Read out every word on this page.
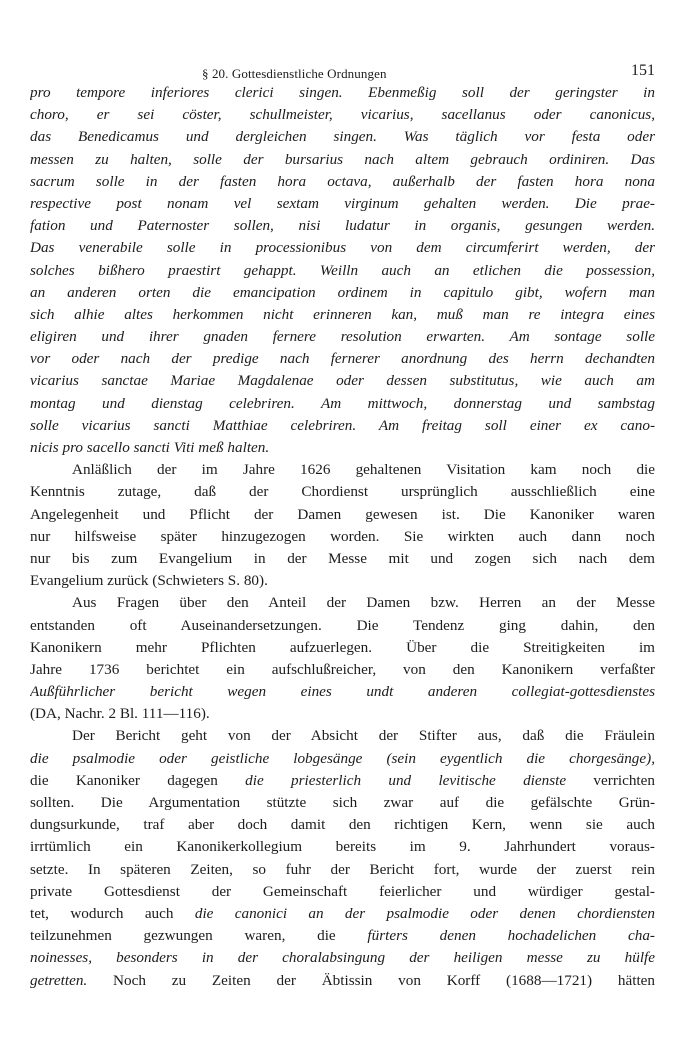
§ 20. Gottesdienstliche Ordnungen	151
pro tempore inferiores clerici singen. Ebenmeßig soll der geringster in
choro, er sei cöster, schullmeister, vicarius, sacellanus oder canonicus,
das Benedicamus und dergleichen singen. Was täglich vor festa oder
messen zu halten, solle der bursarius nach altem gebrauch ordiniren. Das
sacrum solle in der fasten hora octava, außerhalb der fasten hora nona
respective post nonam vel sextam virginum gehalten werden. Die prae-
fation und Paternoster sollen, nisi ludatur in organis, gesungen werden.
Das venerabile solle in processionibus von dem circumferirt werden, der
solches bißhero praestirt gehappt. Weilln auch an etlichen die possession,
an anderen orten die emancipation ordinem in capitulo gibt, wofern man
sich alhie altes herkommen nicht erinneren kan, muß man re integra eines
eligiren und ihrer gnaden fernere resolution erwarten. Am sontage solle
vor oder nach der predige nach fernerer anordnung des herrn dechandten
vicarius sanctae Mariae Magdalenae oder dessen substitutus, wie auch am
montag und dienstag celebriren. Am mittwoch, donnerstag und sambstag
solle vicarius sancti Matthiae celebriren. Am freitag soll einer ex cano-
nicis pro sacello sancti Viti meß halten.
Anläßlich der im Jahre 1626 gehaltenen Visitation kam noch die
Kenntnis zutage, daß der Chordienst ursprünglich ausschließlich eine
Angelegenheit und Pflicht der Damen gewesen ist. Die Kanoniker waren
nur hilfsweise später hinzugezogen worden. Sie wirkten auch dann noch
nur bis zum Evangelium in der Messe mit und zogen sich nach dem
Evangelium zurück (Schwieters S. 80).
Aus Fragen über den Anteil der Damen bzw. Herren an der Messe
entstanden oft Auseinandersetzungen. Die Tendenz ging dahin, den
Kanonikern mehr Pflichten aufzuerlegen. Über die Streitigkeiten im
Jahre 1736 berichtet ein aufschlußreicher, von den Kanonikern verfaßter
Außführlicher bericht wegen eines undt anderen collegiat-gottesdienstes
(DA, Nachr. 2 Bl. 111—116).
Der Bericht geht von der Absicht der Stifter aus, daß die Fräulein
die psalmodie oder geistliche lobgesänge (sein eygentlich die chorgesänge),
die Kanoniker dagegen die priesterlich und levitische dienste verrichten
sollten. Die Argumentation stützte sich zwar auf die gefälschte Grün-
dungsurkunde, traf aber doch damit den richtigen Kern, wenn sie auch
irrtümlich ein Kanonikerkollegium bereits im 9. Jahrhundert voraus-
setzte. In späteren Zeiten, so fuhr der Bericht fort, wurde der zuerst rein
private Gottesdienst der Gemeinschaft feierlicher und würdiger gestal-
tet, wodurch auch die canonici an der psalmodie oder denen chordiensten
teilzunehmen gezwungen waren, die fürters denen hochadelichen cha-
noinesses, besonders in der choralabsingung der heiligen messe zu hülfe
getretten. Noch zu Zeiten der Äbtissin von Korff (1688—1721) hätten
